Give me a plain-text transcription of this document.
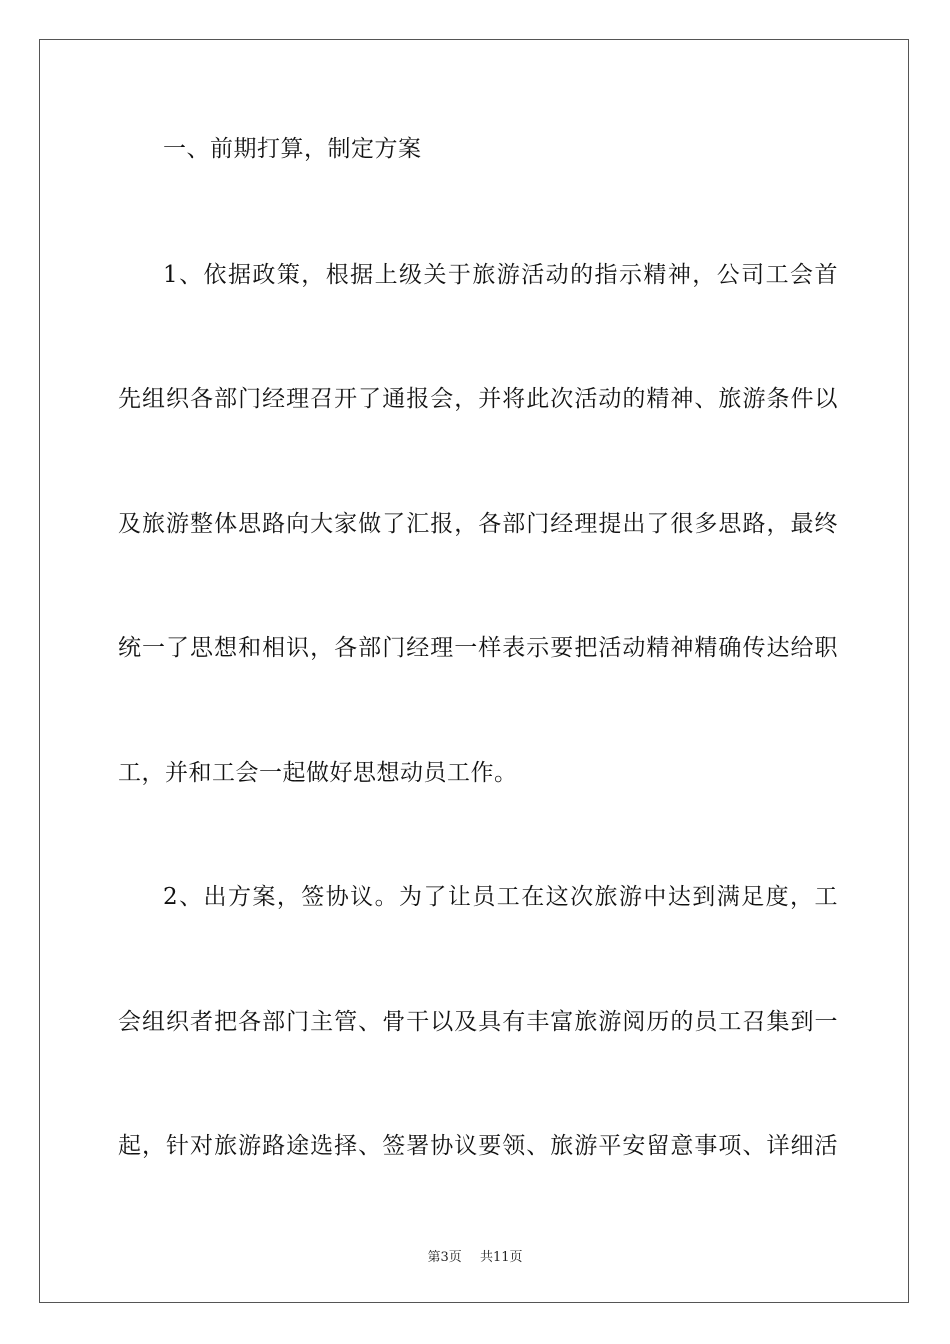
一、前期打算，制定方案
1、依据政策，根据上级关于旅游活动的指示精神，公司工会首
先组织各部门经理召开了通报会，并将此次活动的精神、旅游条件以
及旅游整体思路向大家做了汇报，各部门经理提出了很多思路，最终
统一了思想和相识，各部门经理一样表示要把活动精神精确传达给职
工，并和工会一起做好思想动员工作。
2、出方案，签协议。为了让员工在这次旅游中达到满足度，工
会组织者把各部门主管、骨干以及具有丰富旅游阅历的员工召集到一
起，针对旅游路途选择、签署协议要领、旅游平安留意事项、详细活
第3页 共11页
